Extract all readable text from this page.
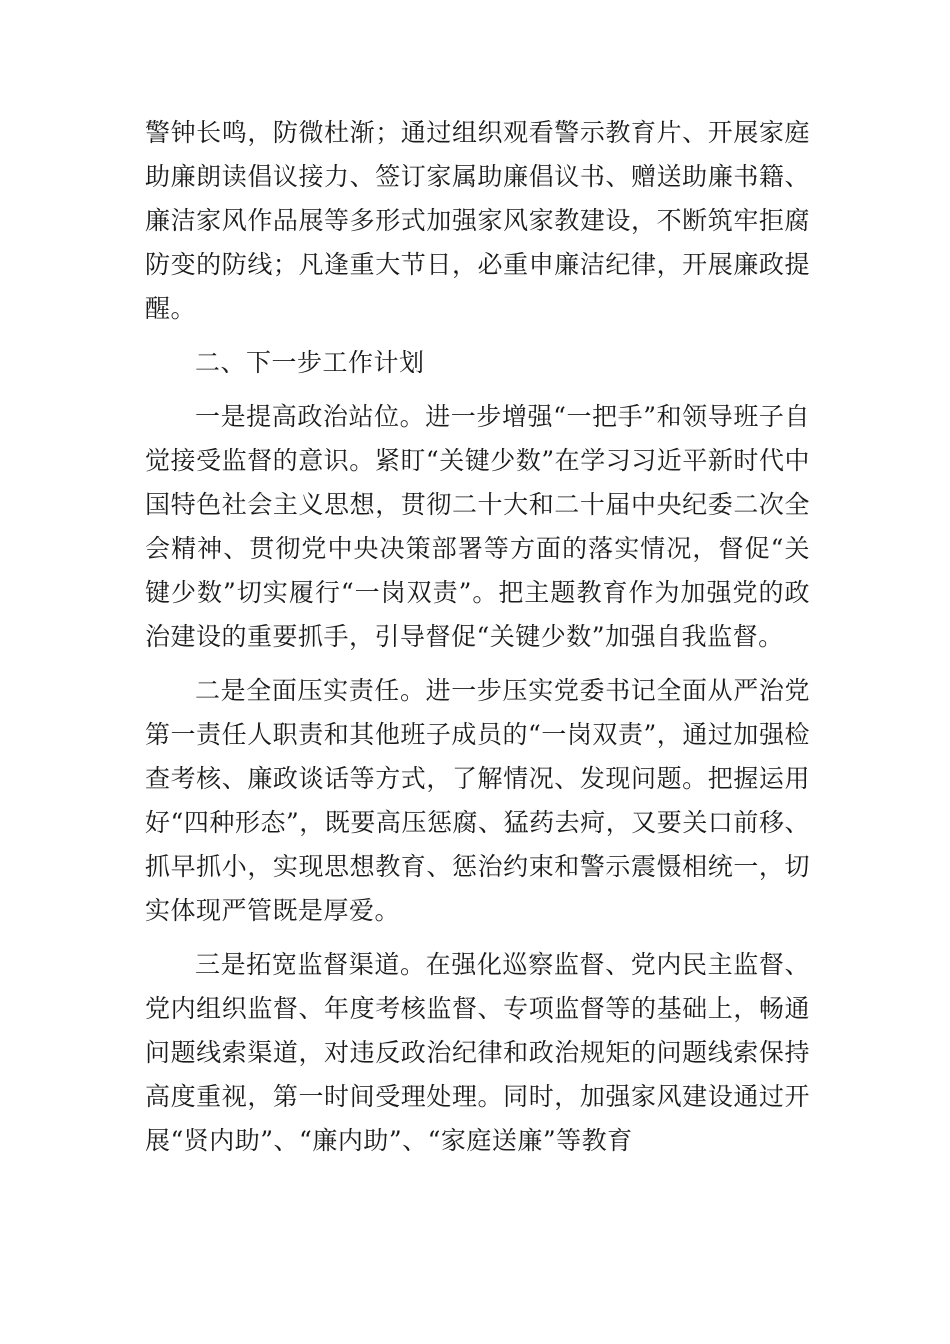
警钟长鸣，防微杜渐；通过组织观看警示教育片、开展家庭助廉朗读倡议接力、签订家属助廉倡议书、赠送助廉书籍、廉洁家风作品展等多形式加强家风家教建设，不断筑牢拒腐防变的防线；凡逢重大节日，必重申廉洁纪律，开展廉政提醒。

二、下一步工作计划

一是提高政治站位。进一步增强“一把手”和领导班子自觉接受监督的意识。紧盯“关键少数”在学习习近平新时代中国特色社会主义思想，贯彻二十大和二十届中央纪委二次全会精神、贯彻党中央决策部署等方面的落实情况，督促“关键少数”切实履行“一岗双责”。把主题教育作为加强党的政治建设的重要抓手，引导督促“关键少数”加强自我监督。

二是全面压实责任。进一步压实党委书记全面从严治党第一责任人职责和其他班子成员的“一岗双责”，通过加强检查考核、廉政谈话等方式，了解情况、发现问题。把握运用好“四种形态”，既要高压惩腐、猛药去疴，又要关口前移、抓早抓小，实现思想教育、惩治约束和警示震慑相统一，切实体现严管既是厚爱。

三是拓宽监督渠道。在强化巡察监督、党内民主监督、党内组织监督、年度考核监督、专项监督等的基础上，畅通问题线索渠道，对违反政治纪律和政治规矩的问题线索保持高度重视，第一时间受理处理。同时，加强家风建设通过开展“贤内助”、“廉内助”、“家庭送廉”等教育
